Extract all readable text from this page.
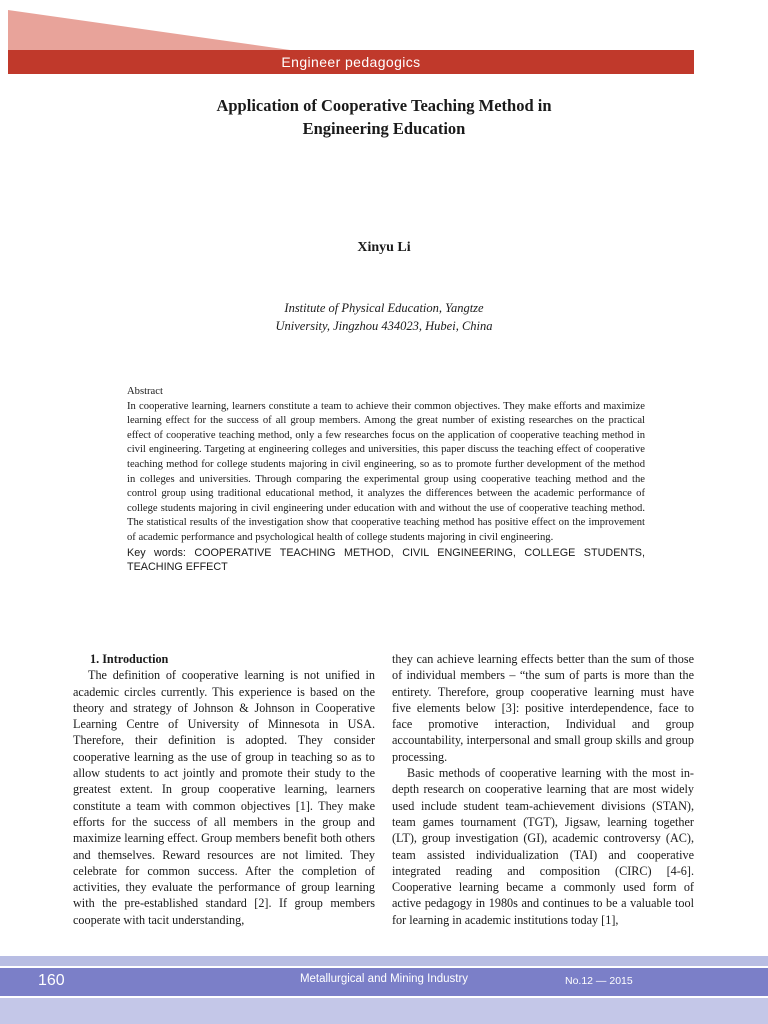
Engineer pedagogics
Application of Cooperative Teaching Method in
Engineering Education
Xinyu Li
Institute of Physical Education, Yangtze
University, Jingzhou 434023, Hubei, China
Abstract
In cooperative learning, learners constitute a team to achieve their common objectives. They make efforts and maximize learning effect for the success of all group members. Among the great number of existing researches on the practical effect of cooperative teaching method, only a few researches focus on the application of cooperative teaching method in civil engineering. Targeting at engineering colleges and universities, this paper discuss the teaching effect of cooperative teaching method for college students majoring in civil engineering, so as to promote further development of the method in colleges and universities. Through comparing the experimental group using cooperative teaching method and the control group using traditional educational method, it analyzes the differences between the academic performance of college students majoring in civil engineering under education with and without the use of cooperative teaching method. The statistical results of the investigation show that cooperative teaching method has positive effect on the improvement of academic performance and psychological health of college students majoring in civil engineering.
Key words: COOPERATIVE TEACHING METHOD, CIVIL ENGINEERING, COLLEGE STUDENTS, TEACHING EFFECT
1. Introduction

The definition of cooperative learning is not unified in academic circles currently. This experience is based on the theory and strategy of Johnson & Johnson in Cooperative Learning Centre of University of Minnesota in USA. Therefore, their definition is adopted. They consider cooperative learning as the use of group in teaching so as to allow students to act jointly and promote their study to the greatest extent. In group cooperative learning, learners constitute a team with common objectives [1]. They make efforts for the success of all members in the group and maximize learning effect. Group members benefit both others and themselves. Reward resources are not limited. They celebrate for common success. After the completion of activities, they evaluate the performance of group learning with the pre-established standard [2]. If group members cooperate with tacit understanding,

they can achieve learning effects better than the sum of those of individual members – “the sum of parts is more than the entirety. Therefore, group cooperative learning must have five elements below [3]: positive interdependence, face to face promotive interaction, Individual and group accountability, interpersonal and small group skills and group processing.

Basic methods of cooperative learning with the most in-depth research on cooperative learning that are most widely used include student team-achievement divisions (STAN), team games tournament (TGT), Jigsaw, learning together (LT), group investigation (GI), academic controversy (AC), team assisted individualization (TAI) and cooperative integrated reading and composition (CIRC) [4-6]. Cooperative learning became a commonly used form of active pedagogy in 1980s and continues to be a valuable tool for learning in academic institutions today [1],

160	Metallurgical and Mining Industry	No.12 — 2015
